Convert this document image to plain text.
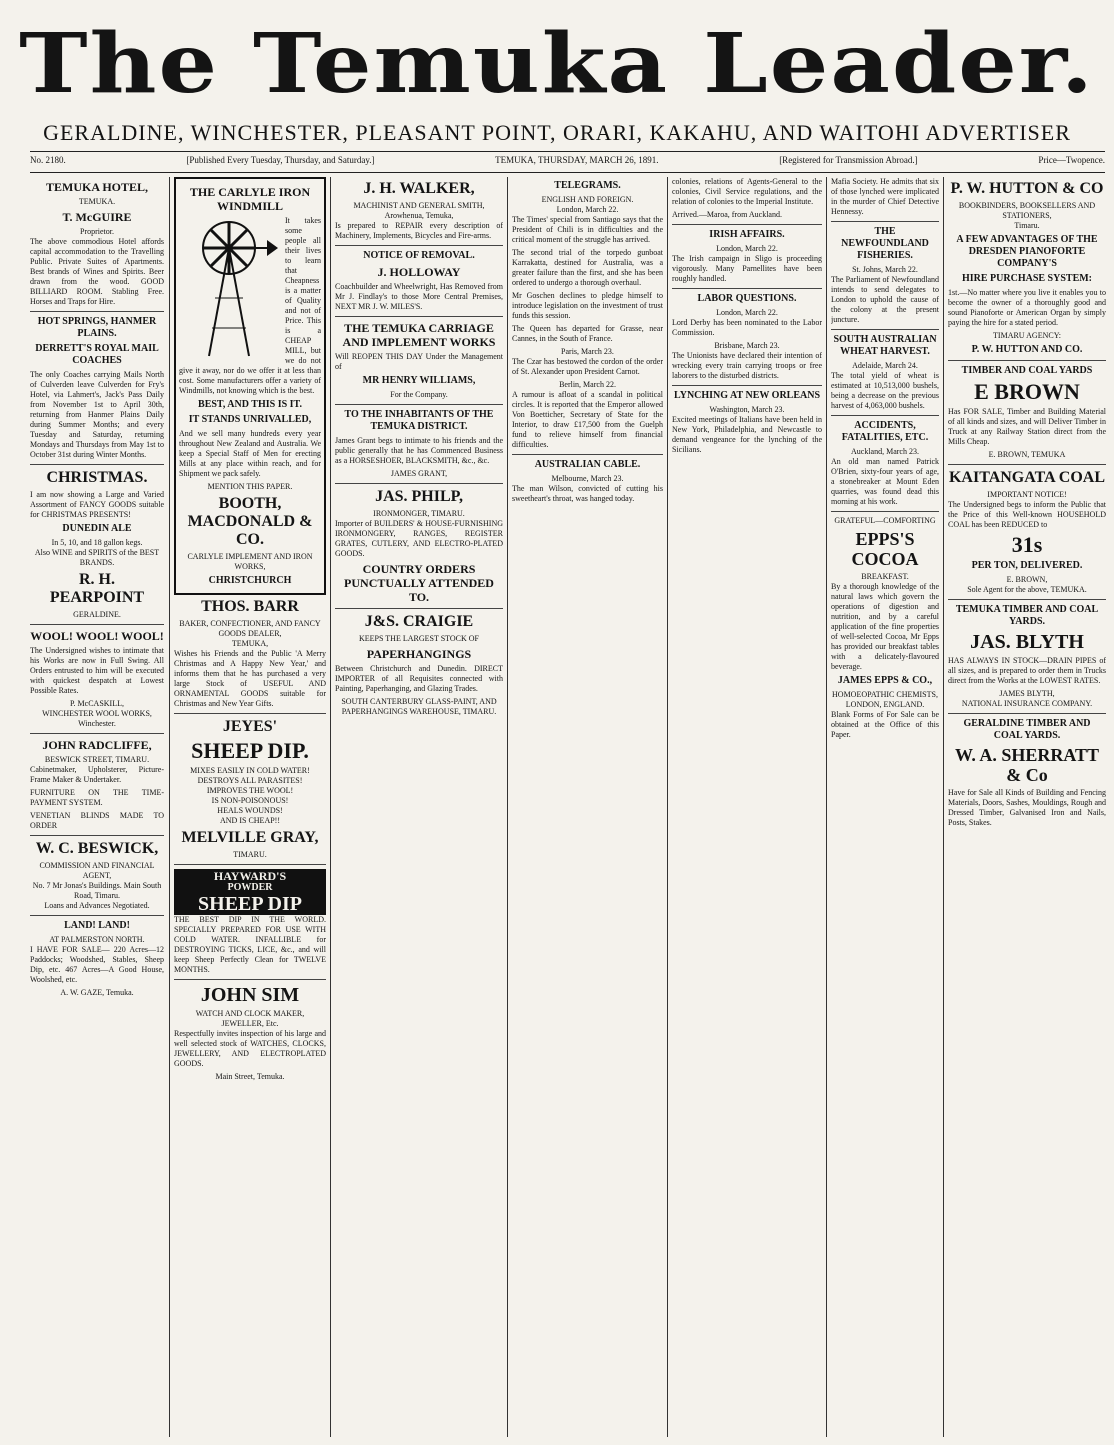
The Temuka Leader.
GERALDINE, WINCHESTER, PLEASANT POINT, ORARI, KAKAHU, AND WAITOHI ADVERTISER
No. 2180.	[Published Every Tuesday, Thursday, and Saturday.]	TEMUKA, THURSDAY, MARCH 26, 1891.	[Registered for Transmission Abroad.]	Price—Twopence.
TEMUKA HOTEL,
TEMUKA.
T. McGUIRE
Proprietor.

The above commodious Hotel affords capital accommodation to the Travelling Public. Private Suites of Apartments. Best brands of Wines and Spirits. Beer drawn from the wood. GOOD BILLIARD ROOM. Stabling Free. Horses and Traps for Hire.

HOT SPRINGS, HANMER PLAINS.
DERRETT'S ROYAL MAIL COACHES

The only Coaches carrying Mails North of Culverden leave Culverden for Fry's Hotel, via Lahmert's, Jack's Pass Daily from November 1st to April 30th, returning from Hanmer Plains Daily during Summer Months; and every Tuesday and Saturday, returning Mondays and Thursdays from May 1st to October 31st during Winter Months.

CHRISTMAS.

I am now showing a Large and Varied Assortment of FANCY GOODS suitable for CHRISTMAS PRESENTS!

DUNEDIN ALE
In 5, 10, and 18 gallon kegs.
Also WINE and SPIRITS of the BEST BRANDS.
R. H. PEARPOINT
GERALDINE.
WOOL! WOOL! WOOL!

The Undersigned wishes to intimate that his Works are now in Full Swing. All Orders entrusted to him will be executed with quickest despatch at Lowest Possible Rates.

P. McCASKILL,
WINCHESTER WOOL WORKS, Winchester.
JOHN RADCLIFFE,
BESWICK STREET, TIMARU.

Cabinetmaker, Upholsterer, Picture-Frame Maker & Undertaker.

FURNITURE ON THE TIME-PAYMENT SYSTEM.

VENETIAN BLINDS MADE TO ORDER

W. C. BESWICK,
COMMISSION AND FINANCIAL AGENT,
No. 7 Mr Jonas's Buildings. Main South Road, Timaru.
Loans and Advances Negotiated.
LAND! LAND!
AT PALMERSTON NORTH.

I HAVE FOR SALE— 220 Acres—12 Paddocks; Woodshed, Stables, Sheep Dip, etc. 467 Acres—A Good House, Woolshed, etc.

A. W. GAZE, Temuka.
THE CARLYLE IRON WINDMILL

It takes some people all their lives to learn that Cheapness is a matter of Quality and not of Price. This is a CHEAP MILL, but we do not give it away, nor do we offer it at less than cost. Some manufacturers offer a variety of Windmills, not knowing which is the best.

BEST, AND THIS IS IT.
IT STANDS UNRIVALLED,

And we sell many hundreds every year throughout New Zealand and Australia. We keep a Special Staff of Men for erecting Mills at any place within reach, and for Shipment we pack safely.

MENTION THIS PAPER.
BOOTH, MACDONALD & CO.
CARLYLE IMPLEMENT AND IRON WORKS,
CHRISTCHURCH
THOS. BARR
BAKER, CONFECTIONER, AND FANCY GOODS DEALER,
TEMUKA,

Wishes his Friends and the Public 'A Merry Christmas and A Happy New Year,' and informs them that he has purchased a very large Stock of USEFUL AND ORNAMENTAL GOODS suitable for Christmas and New Year Gifts.

JEYES'
SHEEP DIP.
MIXES EASILY IN COLD WATER!
DESTROYS ALL PARASITES!
IMPROVES THE WOOL!
IS NON-POISONOUS!
HEALS WOUNDS!
AND IS CHEAP!!
MELVILLE GRAY,
TIMARU.
HAYWARD'S
POWDER
SHEEP DIP

THE BEST DIP IN THE WORLD. SPECIALLY PREPARED FOR USE WITH COLD WATER. INFALLIBLE for DESTROYING TICKS, LICE, &c., and will keep Sheep Perfectly Clean for TWELVE MONTHS.

JOHN SIM
WATCH AND CLOCK MAKER, JEWELLER, Etc.

Respectfully invites inspection of his large and well selected stock of WATCHES, CLOCKS, JEWELLERY, AND ELECTROPLATED GOODS.

Main Street, Temuka.
J. H. WALKER,
MACHINIST AND GENERAL SMITH,
Arowhenua, Temuka,

Is prepared to REPAIR every description of Machinery, Implements, Bicycles and Fire-arms.

NOTICE OF REMOVAL.
J. HOLLOWAY

Coachbuilder and Wheelwright, Has Removed from Mr J. Findlay's to those More Central Premises, NEXT MR J. W. MILES'S.

THE TEMUKA CARRIAGE AND IMPLEMENT WORKS

Will REOPEN THIS DAY Under the Management of

MR HENRY WILLIAMS,
For the Company.
TO THE INHABITANTS OF THE TEMUKA DISTRICT.

James Grant begs to intimate to his friends and the public generally that he has Commenced Business as a HORSESHOER, BLACKSMITH, &c., &c.

JAMES GRANT,
JAS. PHILP,
IRONMONGER, TIMARU.

Importer of BUILDERS' & HOUSE-FURNISHING IRONMONGERY, RANGES, REGISTER GRATES, CUTLERY, AND ELECTRO-PLATED GOODS.

COUNTRY ORDERS PUNCTUALLY ATTENDED TO.
J&S. CRAIGIE
KEEPS THE LARGEST STOCK OF
PAPERHANGINGS

Between Christchurch and Dunedin. DIRECT IMPORTER of all Requisites connected with Painting, Paperhanging, and Glazing Trades.

SOUTH CANTERBURY GLASS-PAINT, AND PAPERHANGINGS WAREHOUSE, TIMARU.
TELEGRAMS.
ENGLISH AND FOREIGN.
London, March 22.

The Times' special from Santiago says that the President of Chili is in difficulties and the critical moment of the struggle has arrived.

The second trial of the torpedo gunboat Karrakatta, destined for Australia, was a greater failure than the first, and she has been ordered to undergo a thorough overhaul.

Mr Goschen declines to pledge himself to introduce legislation on the investment of trust funds this session.

The Queen has departed for Grasse, near Cannes, in the South of France.

Paris, March 23.

The Czar has bestowed the cordon of the order of St. Alexander upon President Carnot.

Berlin, March 22.

A rumour is afloat of a scandal in political circles. It is reported that the Emperor allowed Von Boetticher, Secretary of State for the Interior, to draw £17,500 from the Guelph fund to relieve himself from financial difficulties.

AUSTRALIAN CABLE.
Melbourne, March 23.

The man Wilson, convicted of cutting his sweetheart's throat, was hanged today.

colonies, relations of Agents-General to the colonies, Civil Service regulations, and the relation of colonies to the Imperial Institute.

Arrived.—Maroa, from Auckland.

IRISH AFFAIRS.
London, March 22.

The Irish campaign in Sligo is proceeding vigorously. Many Parnellites have been roughly handled.

LABOR QUESTIONS.
London, March 22.

Lord Derby has been nominated to the Labor Commission.

Brisbane, March 23.

The Unionists have declared their intention of wrecking every train carrying troops or free laborers to the disturbed districts.

LYNCHING AT NEW ORLEANS
Washington, March 23.

Excited meetings of Italians have been held in New York, Philadelphia, and Newcastle to demand vengeance for the lynching of the Sicilians.

Mafia Society. He admits that six of those lynched were implicated in the murder of Chief Detective Hennessy.

THE NEWFOUNDLAND FISHERIES.
St. Johns, March 22.

The Parliament of Newfoundland intends to send delegates to London to uphold the cause of the colony at the present juncture.

SOUTH AUSTRALIAN WHEAT HARVEST.
Adelaide, March 24.

The total yield of wheat is estimated at 10,513,000 bushels, being a decrease on the previous harvest of 4,063,000 bushels.

ACCIDENTS, FATALITIES, ETC.
Auckland, March 23.

An old man named Patrick O'Brien, sixty-four years of age, a stonebreaker at Mount Eden quarries, was found dead this morning at his work.

GRATEFUL—COMFORTING
EPPS'S COCOA
BREAKFAST.

By a thorough knowledge of the natural laws which govern the operations of digestion and nutrition, and by a careful application of the fine properties of well-selected Cocoa, Mr Epps has provided our breakfast tables with a delicately-flavoured beverage.

JAMES EPPS & CO.,
HOMOEOPATHIC CHEMISTS, LONDON, ENGLAND.

Blank Forms of For Sale can be obtained at the Office of this Paper.

P. W. HUTTON & CO
BOOKBINDERS, BOOKSELLERS AND STATIONERS,
Timaru.
A FEW ADVANTAGES OF THE DRESDEN PIANOFORTE COMPANY'S
HIRE PURCHASE SYSTEM:

1st.—No matter where you live it enables you to become the owner of a thoroughly good and sound Pianoforte or American Organ by simply paying the hire for a stated period.

TIMARU AGENCY:
P. W. HUTTON AND CO.
TIMBER AND COAL YARDS
E BROWN

Has FOR SALE, Timber and Building Material of all kinds and sizes, and will Deliver Timber in Truck at any Railway Station direct from the Mills Cheap.

E. BROWN, TEMUKA
KAITANGATA COAL
IMPORTANT NOTICE!

The Undersigned begs to inform the Public that the Price of this Well-known HOUSEHOLD COAL has been REDUCED to

31s
PER TON, DELIVERED.
E. BROWN,
Sole Agent for the above, TEMUKA.
TEMUKA TIMBER AND COAL YARDS.
JAS. BLYTH

HAS ALWAYS IN STOCK—DRAIN PIPES of all sizes, and is prepared to order them in Trucks direct from the Works at the LOWEST RATES.

JAMES BLYTH,
NATIONAL INSURANCE COMPANY.
GERALDINE TIMBER AND COAL YARDS.
W. A. SHERRATT & Co

Have for Sale all Kinds of Building and Fencing Materials, Doors, Sashes, Mouldings, Rough and Dressed Timber, Galvanised Iron and Nails, Posts, Stakes.
